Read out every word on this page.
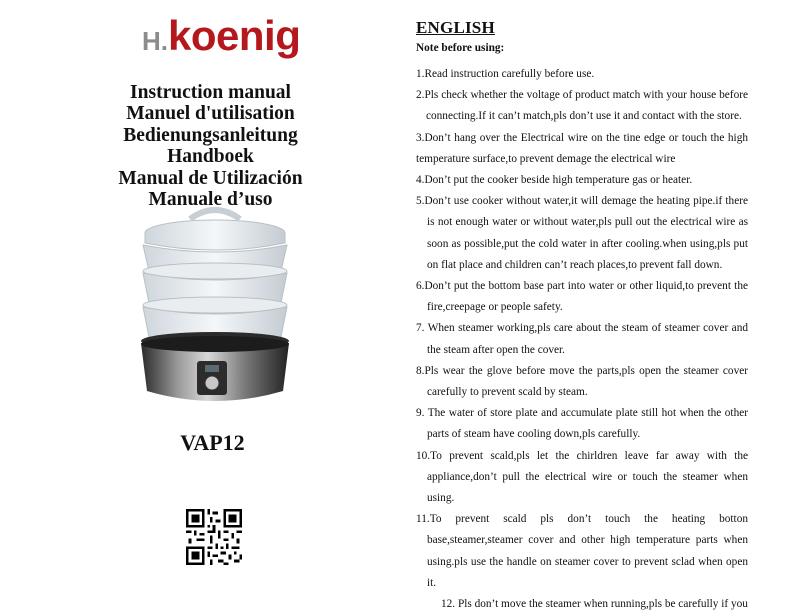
H.koenig
Instruction manual
Manuel d'utilisation
Bedienungsanleitung
Handboek
Manual de Utilización
Manuale d’uso
VAP12
ENGLISH
Note before using:
1.Read instruction carefully before use.
2.Pls check whether the voltage of product match with your house before connecting.If it can’t match,pls don’t use it and contact with the store.
3.Don’t hang over the Electrical wire on the tine edge or touch the high temperature surface,to prevent demage the electrical wire
4.Don’t put the cooker beside high temperature gas or heater.
5.Don’t use cooker without water,it will demage the heating pipe.if there is not enough water or without water,pls pull out the electrical wire as soon as possible,put the cold water in after cooling.when using,pls put on flat place and children can’t reach places,to prevent fall down.
6.Don’t put the bottom base part into water or other liquid,to prevent the fire,creepage or people safety.
7. When steamer working,pls care about the steam of steamer cover and the steam after open the cover.
8.Pls wear the glove before move the parts,pls open the steamer cover carefully to prevent scald by steam.
9. The water of store plate and accumulate plate still hot when the other parts of steam have cooling down,pls carefully.
10.To prevent scald,pls let the chirldren leave far away with the appliance,don’t pull the electrical wire or touch the steamer when using.
11.To prevent scald pls don’t touch the heating botton base,steamer,steamer cover and other high temperature parts when using.pls use the handle on steamer cover to prevent sclad when open it.
12. Pls don’t move the steamer when running,pls be carefully if you
